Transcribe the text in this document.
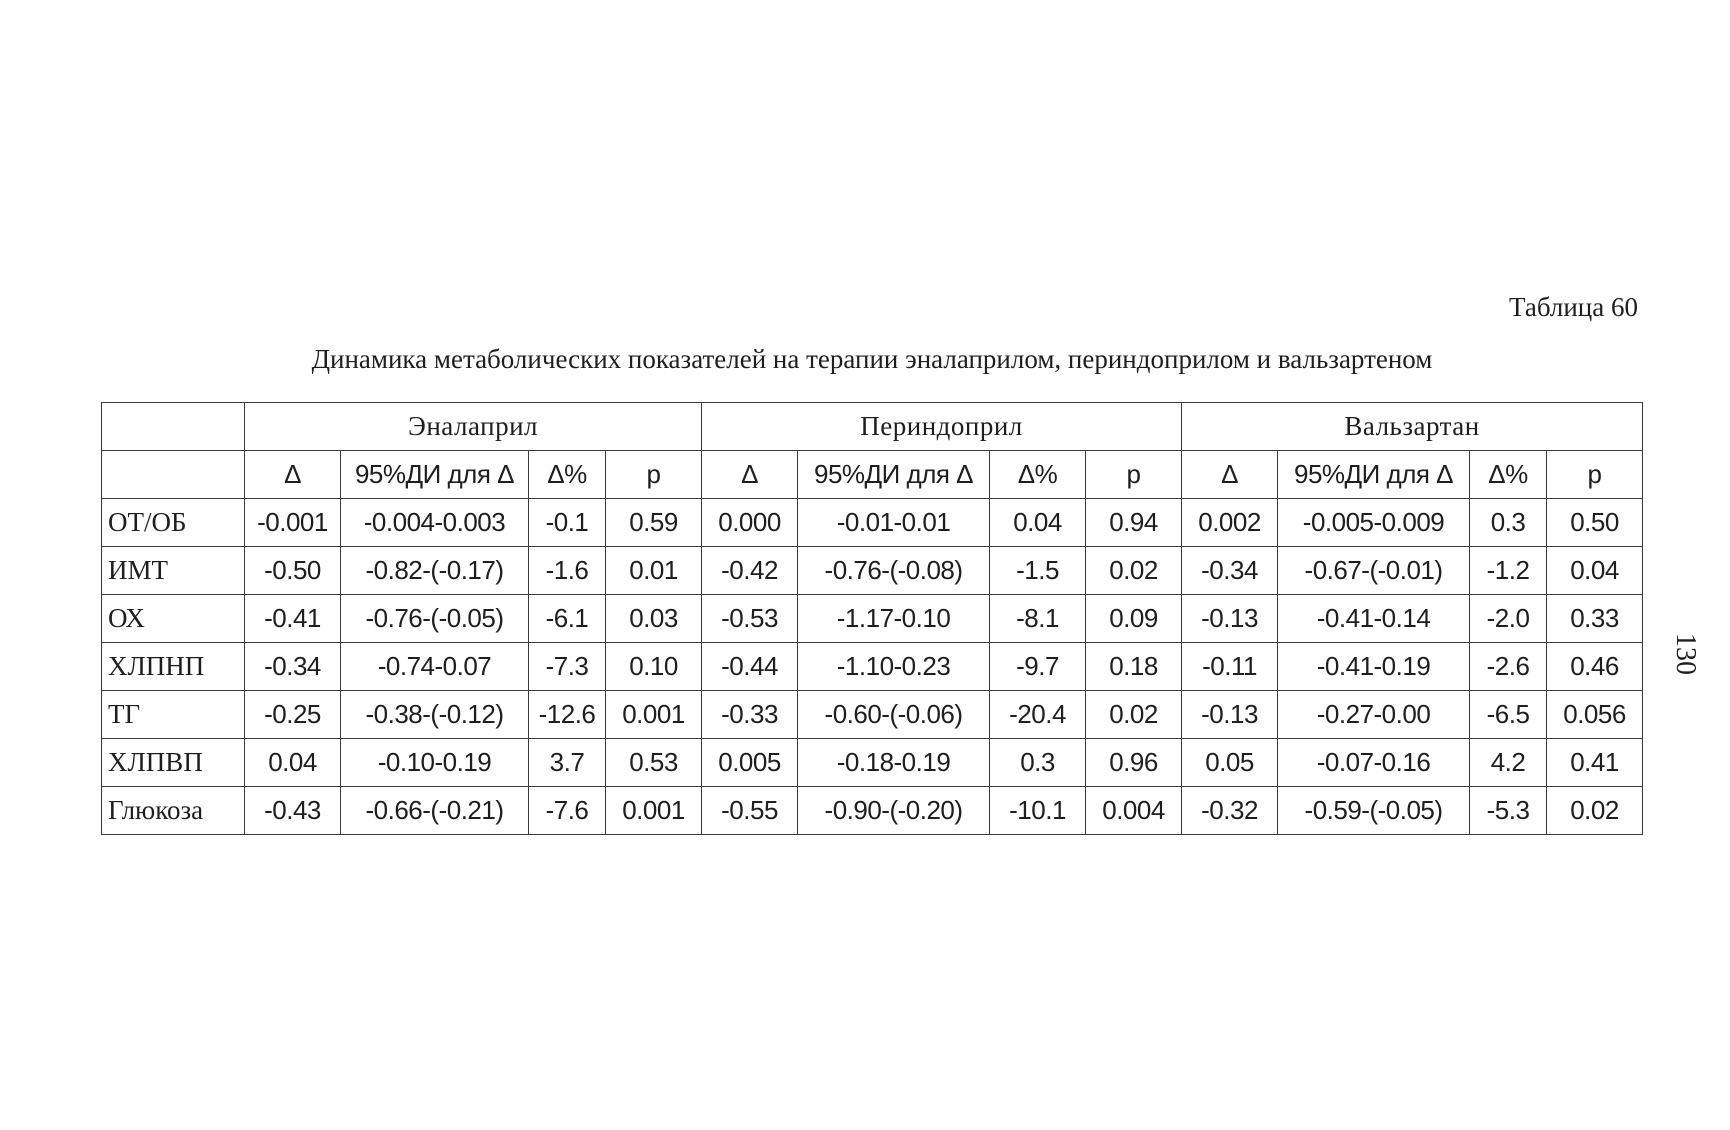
Таблица 60

Динамика метаболических показателей на терапии эналаприлом, периндоприлом и вальзартеном

	Эналаприл				Периндоприл				Вальзартан			
	Δ	95%ДИ для Δ	Δ%	p	Δ	95%ДИ для Δ	Δ%	p	Δ	95%ДИ для Δ	Δ%	p
ОТ/ОБ	-0.001	-0.004-0.003	-0.1	0.59	0.000	-0.01-0.01	0.04	0.94	0.002	-0.005-0.009	0.3	0.50
ИМТ	-0.50	-0.82-(-0.17)	-1.6	0.01	-0.42	-0.76-(-0.08)	-1.5	0.02	-0.34	-0.67-(-0.01)	-1.2	0.04
ОХ	-0.41	-0.76-(-0.05)	-6.1	0.03	-0.53	-1.17-0.10	-8.1	0.09	-0.13	-0.41-0.14	-2.0	0.33
ХЛПНП	-0.34	-0.74-0.07	-7.3	0.10	-0.44	-1.10-0.23	-9.7	0.18	-0.11	-0.41-0.19	-2.6	0.46
ТГ	-0.25	-0.38-(-0.12)	-12.6	0.001	-0.33	-0.60-(-0.06)	-20.4	0.02	-0.13	-0.27-0.00	-6.5	0.056
ХЛПВП	0.04	-0.10-0.19	3.7	0.53	0.005	-0.18-0.19	0.3	0.96	0.05	-0.07-0.16	4.2	0.41
Глюкоза	-0.43	-0.66-(-0.21)	-7.6	0.001	-0.55	-0.90-(-0.20)	-10.1	0.004	-0.32	-0.59-(-0.05)	-5.3	0.02
130
